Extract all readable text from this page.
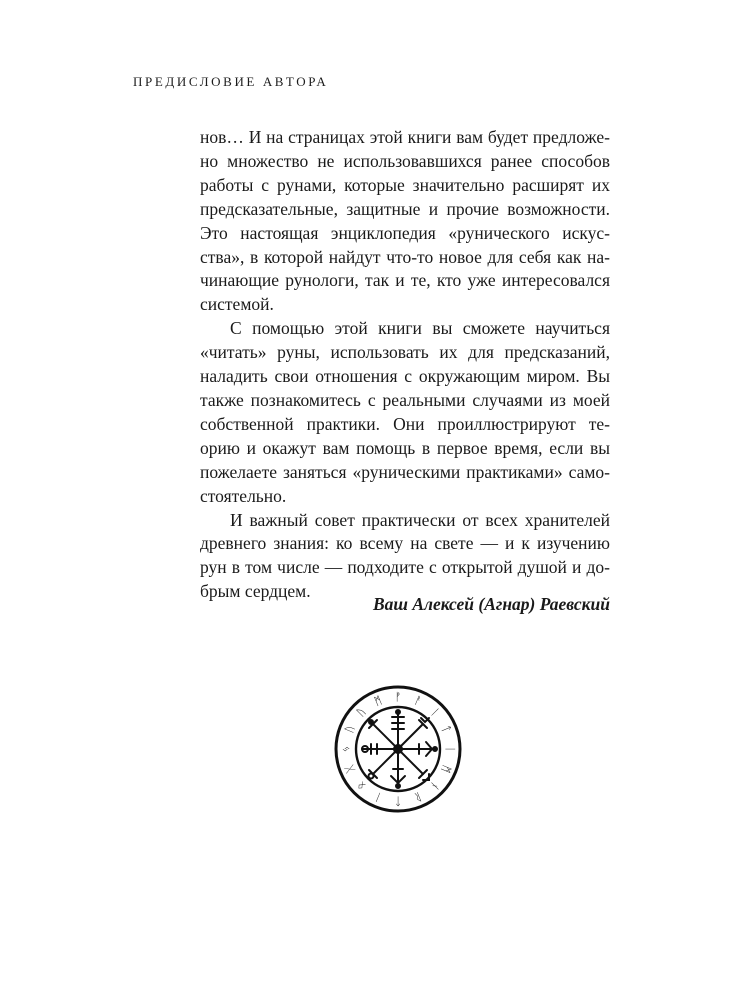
ПРЕДИСЛОВИЕ АВТОРА

нов… И на страницах этой книги вам будет предложе-
но множество не использовавшихся ранее способов
работы с рунами, которые значительно расширят их
предсказательные, защитные и прочие возможности.
Это настоящая энциклопедия «рунического искус-
ства», в которой найдут что-то новое для себя как на-
чинающие рунологи, так и те, кто уже интересовался
системой.

С помощью этой книги вы сможете научиться
«читать» руны, использовать их для предсказаний,
наладить свои отношения с окружающим миром. Вы
также познакомитесь с реальными случаями из моей
собственной практики. Они проиллюстрируют те-
орию и окажут вам помощь в первое время, если вы
пожелаете заняться «руническими практиками» само-
стоятельно.

И важный совет практически от всех хранителей
древнего знания: ко всему на свете — и к изучению
рун в том числе — подходите с открытой душой и до-
брым сердцем.

Ваш Алексей (Агнар) Раевский
ᚠ ᚨ
ᛁ
ᛏ
ᛁ
ᛗ
ᚾ
ᚱ
ᛏ
ᛁ
ᛟ
ᚷ
ᛃ
ᚢ
ᚢ
ᛗ
